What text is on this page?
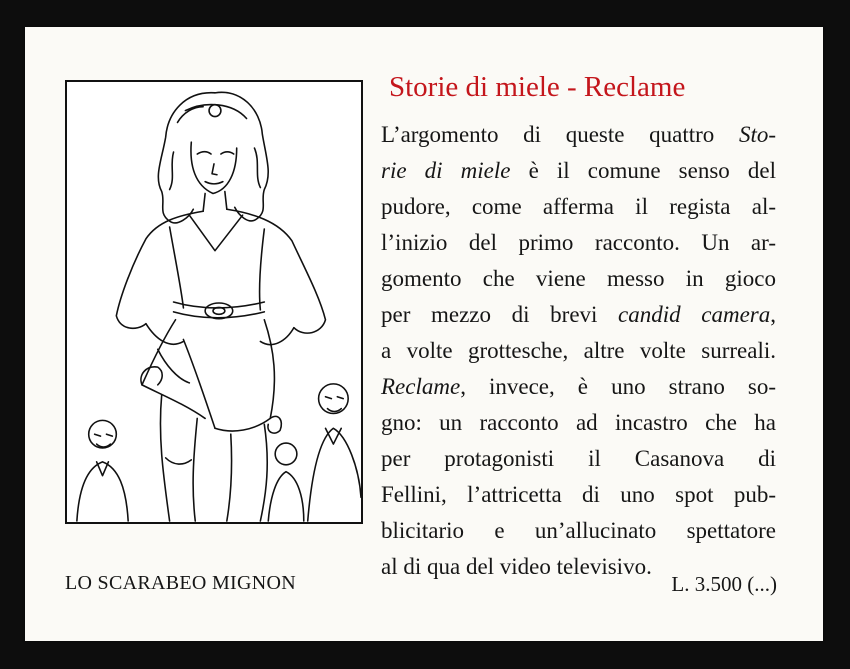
Storie di miele - Reclame
L’argomento di queste quattro Sto-
rie di miele è il comune senso del
pudore, come afferma il regista al-
l’inizio del primo racconto. Un ar-
gomento che viene messo in gioco
per mezzo di brevi candid camera,
a volte grottesche, altre volte surreali.
Reclame, invece, è uno strano so-
gno: un racconto ad incastro che ha
per protagonisti il Casanova di
Fellini, l’attricetta di uno spot pub-
blicitario e un’allucinato spettatore
al di qua del video televisivo.
LO SCARABEO MIGNON	L. 3.500 (...)
